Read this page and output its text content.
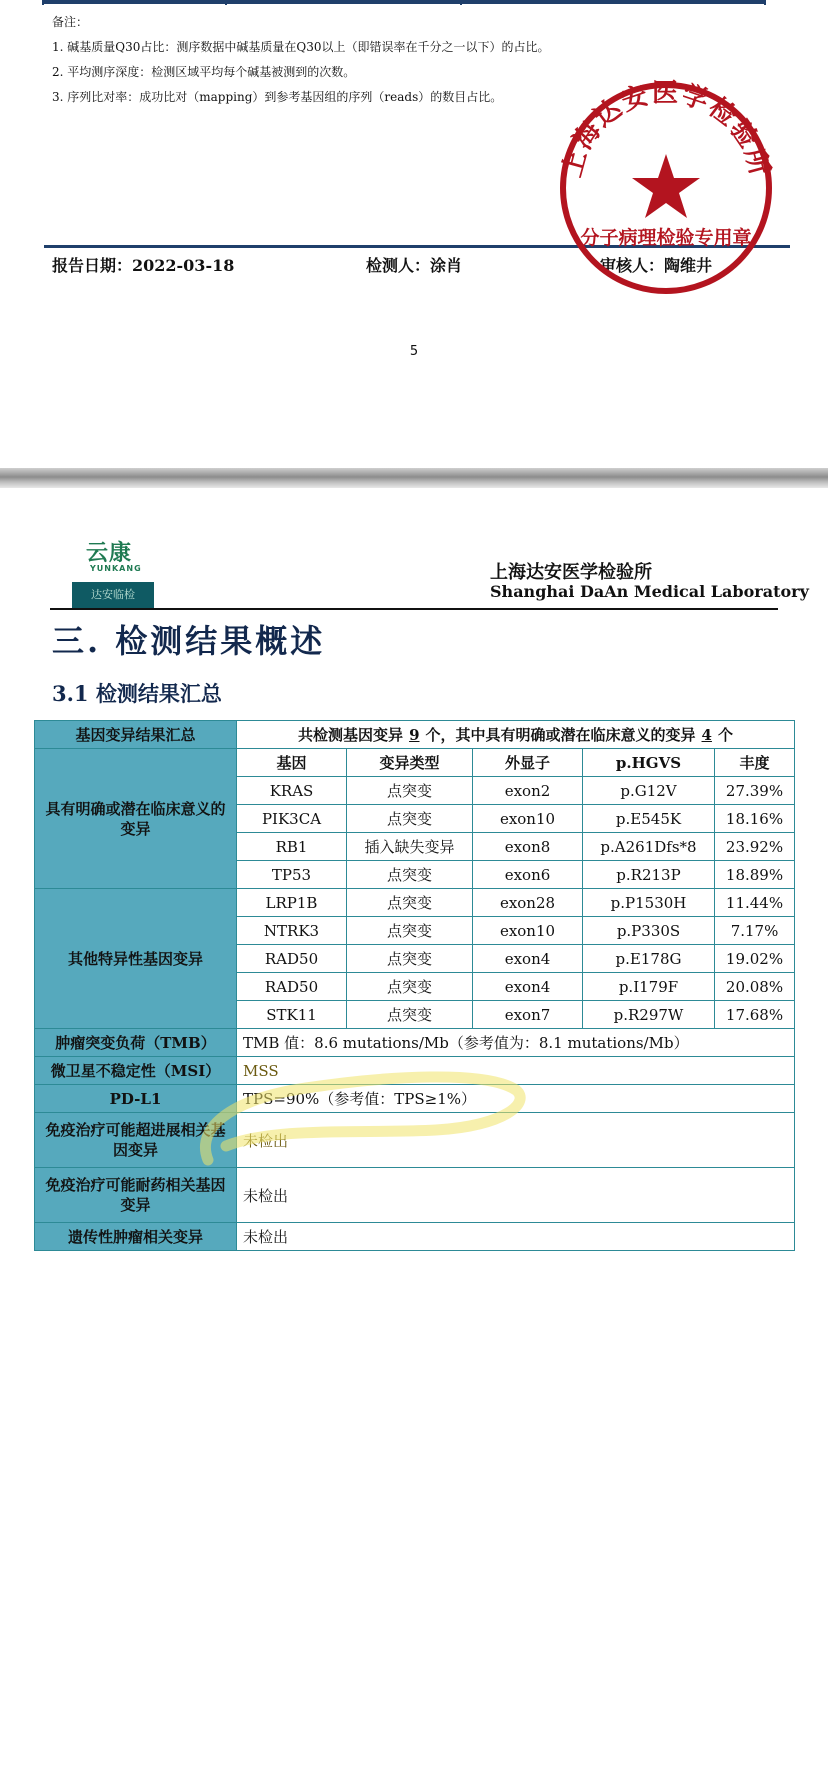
备注：
1. 碱基质量Q30占比：测序数据中碱基质量在Q30以上（即错误率在千分之一以下）的占比。
2. 平均测序深度：检测区域平均每个碱基被测到的次数。
3. 序列比对率：成功比对（mapping）到参考基因组的序列（reads）的数目占比。
报告日期：2022-03-18	检测人：涂肖	审核人：陶维井
上海达安医学检验所
分子病理检验专用章
5
云康
YUNKANG
达安临检
上海达安医学检验所
Shanghai DaAn Medical Laboratory
三. 检测结果概述
3.1 检测结果汇总
基因变异结果汇总	共检测基因变异 9 个，其中具有明确或潜在临床意义的变异 4 个				
具有明确或潜在临床意义的变异	基因	变异类型	外显子	p.HGVS	丰度
	KRAS	点突变	exon2	p.G12V	27.39%
	PIK3CA	点突变	exon10	p.E545K	18.16%
	RB1	插入缺失变异	exon8	p.A261Dfs*8	23.92%
	TP53	点突变	exon6	p.R213P	18.89%
其他特异性基因变异	LRP1B	点突变	exon28	p.P1530H	11.44%
	NTRK3	点突变	exon10	p.P330S	7.17%
	RAD50	点突变	exon4	p.E178G	19.02%
	RAD50	点突变	exon4	p.I179F	20.08%
	STK11	点突变	exon7	p.R297W	17.68%
肿瘤突变负荷（TMB）	TMB 值：8.6 mutations/Mb（参考值为：8.1 mutations/Mb）				
微卫星不稳定性（MSI）	MSS				
PD-L1	TPS=90%（参考值：TPS≥1%）				
免疫治疗可能超进展相关基因变异	未检出				
免疫治疗可能耐药相关基因变异	未检出				
遗传性肿瘤相关变异	未检出				
